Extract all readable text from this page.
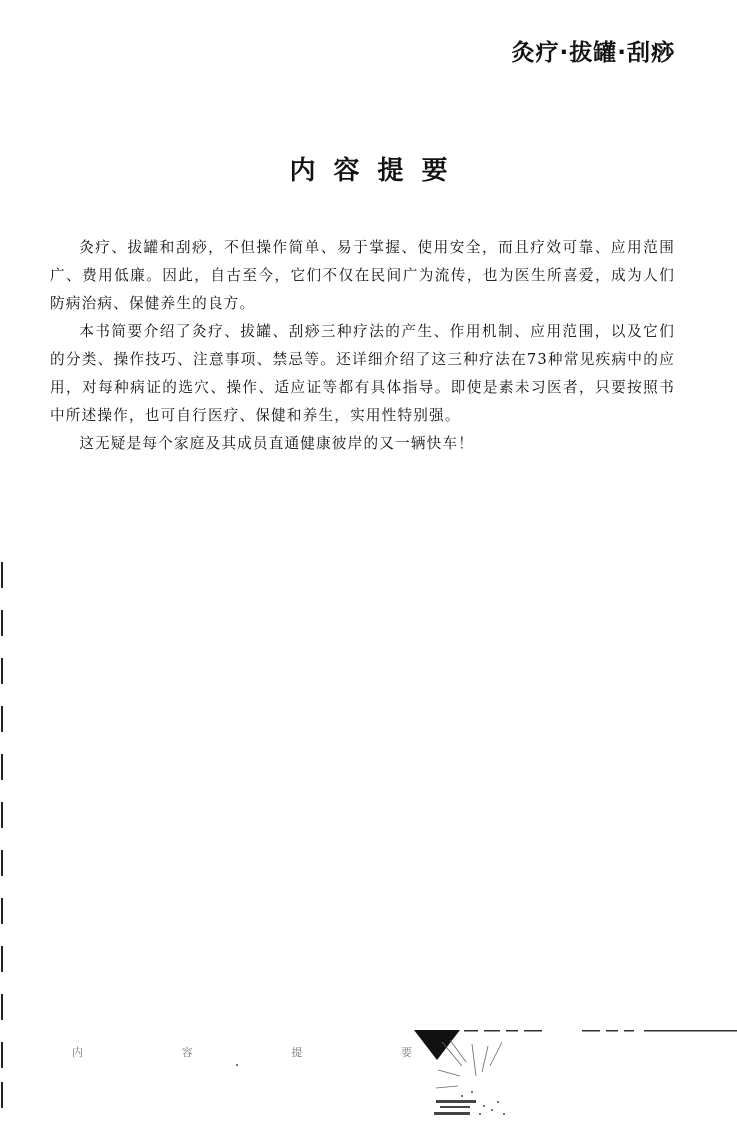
灸疗·拔罐·刮痧
内容提要

灸疗、拔罐和刮痧，不但操作简单、易于掌握、使用安全，而且疗效可靠、应用范围广、费用低廉。因此，自古至今，它们不仅在民间广为流传，也为医生所喜爱，成为人们防病治病、保健养生的良方。

本书简要介绍了灸疗、拔罐、刮痧三种疗法的产生、作用机制、应用范围，以及它们的分类、操作技巧、注意事项、禁忌等。还详细介绍了这三种疗法在73种常见疾病中的应用，对每种病证的选穴、操作、适应证等都有具体指导。即使是素未习医者，只要按照书中所述操作，也可自行医疗、保健和养生，实用性特别强。

这无疑是每个家庭及其成员直通健康彼岸的又一辆快车！

内	容	提	要
